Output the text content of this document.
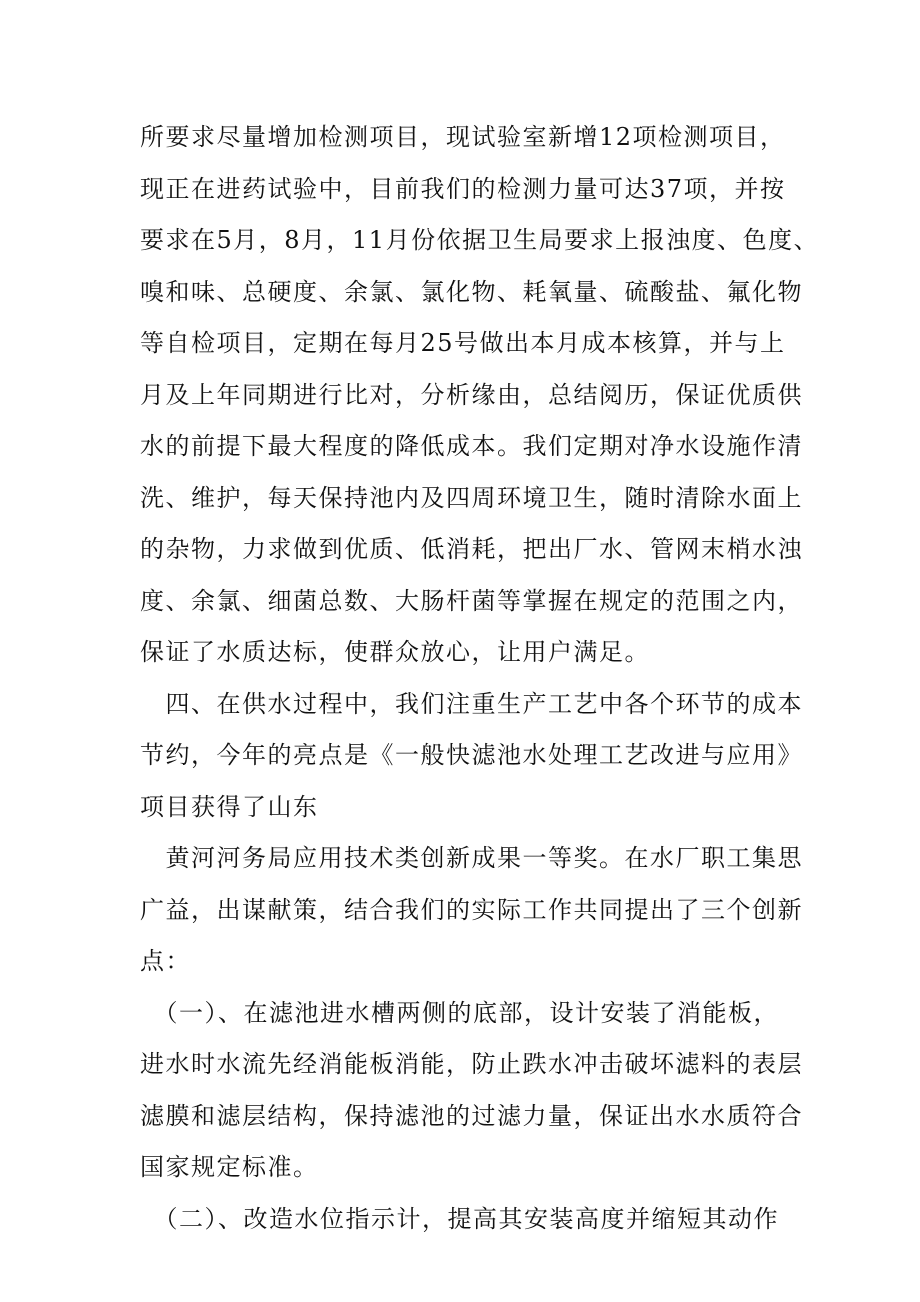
所要求尽量增加检测项目，现试验室新增12项检测项目，
现正在进药试验中，目前我们的检测力量可达37项，并按
要求在5月，8月，11月份依据卫生局要求上报浊度、色度、
嗅和味、总硬度、余氯、氯化物、耗氧量、硫酸盐、氟化物
等自检项目，定期在每月25号做出本月成本核算，并与上
月及上年同期进行比对，分析缘由，总结阅历，保证优质供
水的前提下最大程度的降低成本。我们定期对净水设施作清
洗、维护，每天保持池内及四周环境卫生，随时清除水面上
的杂物，力求做到优质、低消耗，把出厂水、管网末梢水浊
度、余氯、细菌总数、大肠杆菌等掌握在规定的范围之内，
保证了水质达标，使群众放心，让用户满足。
　四、在供水过程中，我们注重生产工艺中各个环节的成本
节约，今年的亮点是《一般快滤池水处理工艺改进与应用》
项目获得了山东
　黄河河务局应用技术类创新成果一等奖。在水厂职工集思
广益，出谋献策，结合我们的实际工作共同提出了三个创新
点：
　（一）、在滤池进水槽两侧的底部，设计安装了消能板，
进水时水流先经消能板消能，防止跌水冲击破坏滤料的表层
滤膜和滤层结构，保持滤池的过滤力量，保证出水水质符合
国家规定标准。
　（二）、改造水位指示计，提高其安装高度并缩短其动作
